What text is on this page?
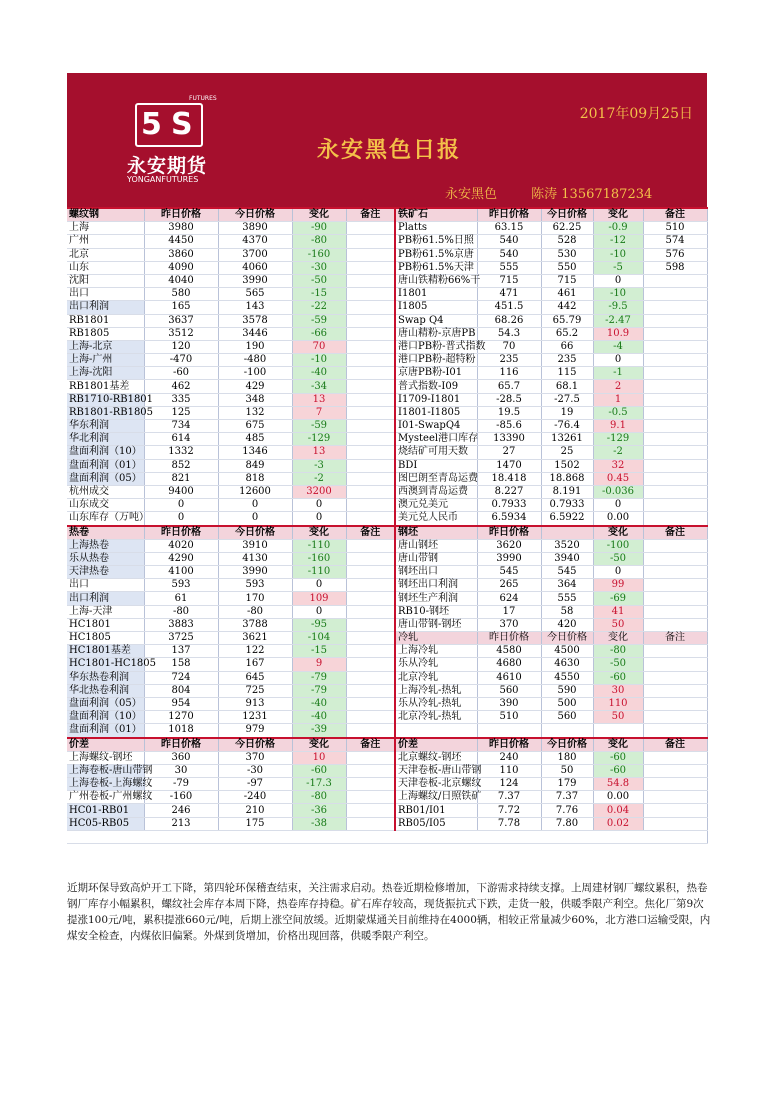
FUTURES
5 S
永安期货
YONGANFUTURES
2017年09月25日
永安黑色日报
永安黑色	陈涛 13567187234
螺纹钢	昨日价格	今日价格	变化	备注	铁矿石	昨日价格	今日价格	变化	备注
上海	3980	3890	-90		Platts	63.15	62.25	-0.9	510
广州	4450	4370	-80		PB粉61.5%日照	540	528	-12	574
北京	3860	3700	-160		PB粉61.5%京唐	540	530	-10	576
山东	4090	4060	-30		PB粉61.5%天津	555	550	-5	598
沈阳	4040	3990	-50		唐山铁精粉66%干	715	715	0	
出口	580	565	-15		I1801	471	461	-10	
出口利润	165	143	-22		I1805	451.5	442	-9.5	
RB1801	3637	3578	-59		Swap Q4	68.26	65.79	-2.47	
RB1805	3512	3446	-66		唐山精粉-京唐PB	54.3	65.2	10.9	
上海-北京	120	190	70		港口PB粉-普式指数	70	66	-4	
上海-广州	-470	-480	-10		港口PB粉-超特粉	235	235	0	
上海-沈阳	-60	-100	-40		京唐PB粉-I01	116	115	-1	
RB1801基差	462	429	-34		普式指数-I09	65.7	68.1	2	
RB1710-RB1801	335	348	13		I1709-I1801	-28.5	-27.5	1	
RB1801-RB1805	125	132	7		I1801-I1805	19.5	19	-0.5	
华东利润	734	675	-59		I01-SwapQ4	-85.6	-76.4	9.1	
华北利润	614	485	-129		Mysteel港口库存	13390	13261	-129	
盘面利润（10）	1332	1346	13		烧结矿可用天数	27	25	-2	
盘面利润（01）	852	849	-3		BDI	1470	1502	32	
盘面利润（05）	821	818	-2		图巴朗至青岛运费	18.418	18.868	0.45	
杭州成交	9400	12600	3200		西澳到青岛运费	8.227	8.191	-0.036	
山东成交	0	0	0		澳元兑美元	0.7933	0.7933	0	
山东库存（万吨）	0	0	0		美元兑人民币	6.5934	6.5922	0.00	
热卷	昨日价格	今日价格	变化	备注	钢坯	昨日价格		变化	备注
上海热卷	4020	3910	-110		唐山钢坯	3620	3520	-100	
乐从热卷	4290	4130	-160		唐山带钢	3990	3940	-50	
天津热卷	4100	3990	-110		钢坯出口	545	545	0	
出口	593	593	0		钢坯出口利润	265	364	99	
出口利润	61	170	109		钢坯生产利润	624	555	-69	
上海-天津	-80	-80	0		RB10-钢坯	17	58	41	
HC1801	3883	3788	-95		唐山带钢-钢坯	370	420	50	
HC1805	3725	3621	-104		冷轧	昨日价格	今日价格	变化	备注
HC1801基差	137	122	-15		上海冷轧	4580	4500	-80	
HC1801-HC1805	158	167	9		乐从冷轧	4680	4630	-50	
华东热卷利润	724	645	-79		北京冷轧	4610	4550	-60	
华北热卷利润	804	725	-79		上海冷轧-热轧	560	590	30	
盘面利润（05）	954	913	-40		乐从冷轧-热轧	390	500	110	
盘面利润（10）	1270	1231	-40		北京冷轧-热轧	510	560	50	
盘面利润（01）	1018	979	-39						
价差	昨日价格	今日价格	变化	备注	价差	昨日价格	今日价格	变化	备注
上海螺纹-钢坯	360	370	10		北京螺纹-钢坯	240	180	-60	
上海卷板-唐山带钢	30	-30	-60		天津卷板-唐山带钢	110	50	-60	
上海卷板-上海螺纹	-79	-97	-17.3		天津卷板-北京螺纹	124	179	54.8	
广州卷板-广州螺纹	-160	-240	-80		上海螺纹/日照铁矿	7.37	7.37	0.00	
HC01-RB01	246	210	-36		RB01/I01	7.72	7.76	0.04	
HC05-RB05	213	175	-38		RB05/I05	7.78	7.80	0.02	

近期环保导致高炉开工下降，第四轮环保稽查结束，关注需求启动。热卷近期检修增加，下游需求持续支撑。上周建材钢厂螺纹累积，热卷钢厂库存小幅累积，螺纹社会库存本周下降，热卷库存持稳。矿石库存较高，现货振抗式下跌，走货一般，供暖季限产利空。焦化厂第9次提涨100元/吨，累积提涨660元/吨，后期上涨空间放缓。近期蒙煤通关目前维持在4000辆，相较正常量减少60%，北方港口运输受限，内煤安全检查，内煤依旧偏紧。外煤到货增加，价格出现回落，供暖季限产利空。
